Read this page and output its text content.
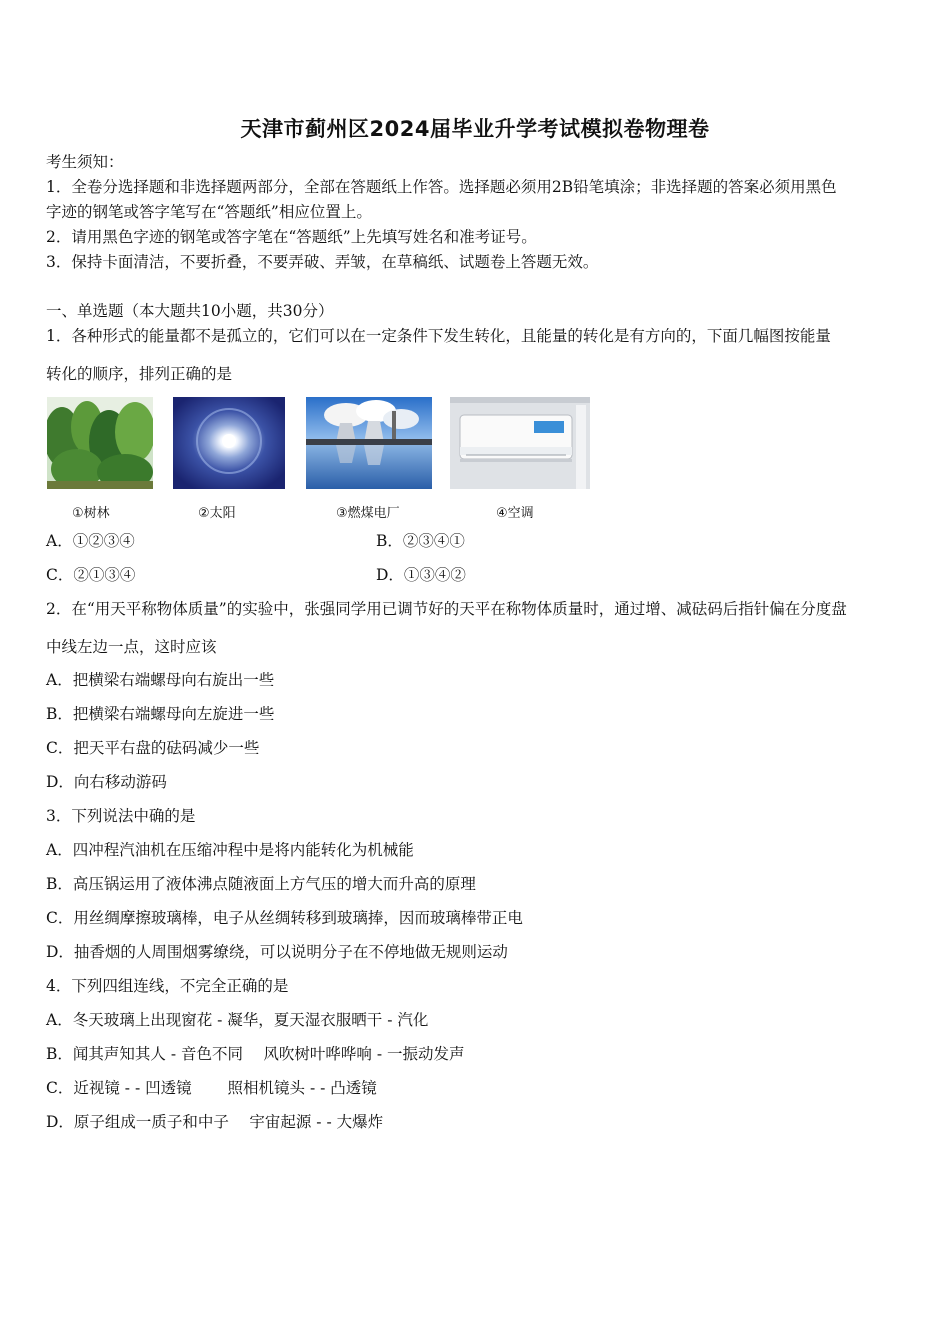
天津市蓟州区2024届毕业升学考试模拟卷物理卷
考生须知：
1．全卷分选择题和非选择题两部分，全部在答题纸上作答。选择题必须用2B铅笔填涂；非选择题的答案必须用黑色
字迹的钢笔或答字笔写在“答题纸”相应位置上。
2．请用黑色字迹的钢笔或答字笔在“答题纸”上先填写姓名和准考证号。
3．保持卡面清洁，不要折叠，不要弄破、弄皱，在草稿纸、试题卷上答题无效。
一、单选题（本大题共10小题，共30分）
1．各种形式的能量都不是孤立的，它们可以在一定条件下发生转化，且能量的转化是有方向的，下面几幅图按能量
转化的顺序，排列正确的是
①树林	②太阳	③燃煤电厂	④空调
A．①②③④	B．②③④①
C．②①③④	D．①③④②
2．在“用天平称物体质量”的实验中，张强同学用已调节好的天平在称物体质量时，通过增、减砝码后指针偏在分度盘
中线左边一点，这时应该
A．把横梁右端螺母向右旋出一些
B．把横梁右端螺母向左旋进一些
C．把天平右盘的砝码减少一些
D．向右移动游码
3．下列说法中确的是
A．四冲程汽油机在压缩冲程中是将内能转化为机械能
B．高压锅运用了液体沸点随液面上方气压的增大而升高的原理
C．用丝绸摩擦玻璃棒，电子从丝绸转移到玻璃捧，因而玻璃棒带正电
D．抽香烟的人周围烟雾缭绕，可以说明分子在不停地做无规则运动
4．下列四组连线，不完全正确的是
A．冬天玻璃上出现窗花 - 凝华，夏天湿衣服晒干 - 汽化
B．闻其声知其人 - 音色不同　 风吹树叶哗哗响 - 一振动发声
C．近视镜 - - 凹透镜　　 照相机镜头 - - 凸透镜
D．原子组成一质子和中子　 宇宙起源 - - 大爆炸
